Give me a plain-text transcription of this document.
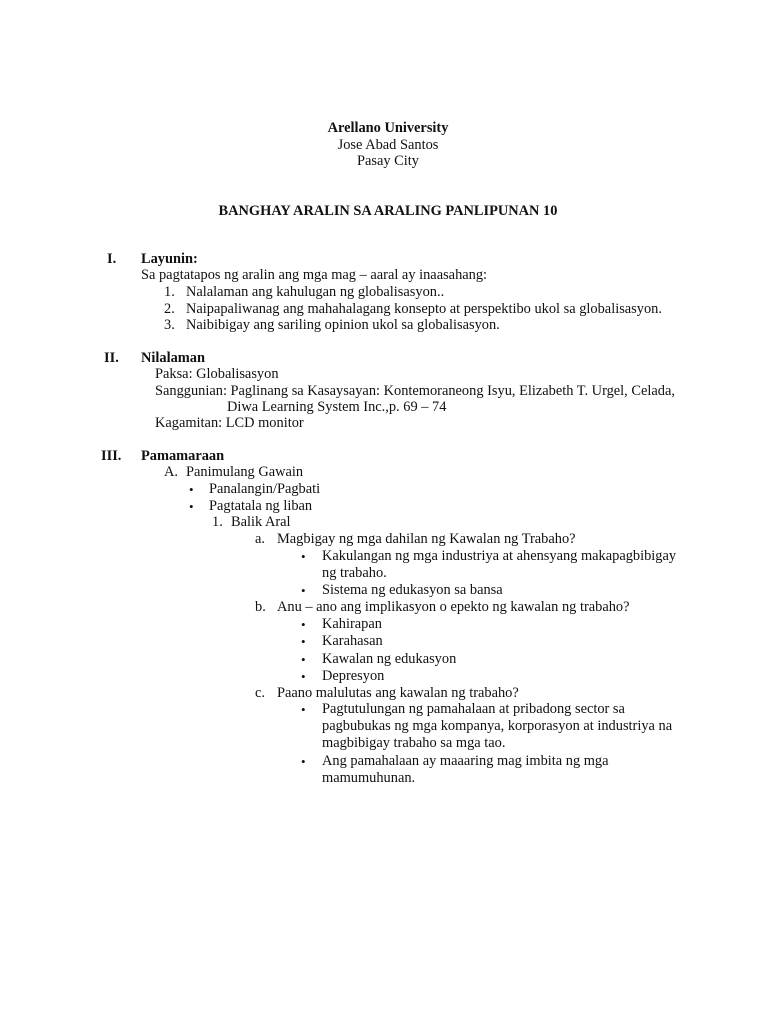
Arellano University
Jose Abad Santos
Pasay City
BANGHAY ARALIN SA ARALING PANLIPUNAN 10
I. Layunin:
Sa pagtatapos ng aralin ang mga mag – aaral ay inaasahang:
1. Nalalaman ang kahulugan ng globalisasyon..
2. Naipapaliwanag ang mahahalagang konsepto at perspektibo ukol sa globalisasyon.
3. Naibibigay ang sariling opinion ukol sa globalisasyon.
II. Nilalaman
Paksa: Globalisasyon
Sanggunian: Paglinang sa Kasaysayan: Kontemoraneong Isyu, Elizabeth T. Urgel, Celada,
Diwa Learning System Inc.,p. 69 – 74
Kagamitan: LCD monitor
III. Pamamaraan
A. Panimulang Gawain
• Panalangin/Pagbati
• Pagtatala ng liban
1. Balik Aral
a. Magbigay ng mga dahilan ng Kawalan ng Trabaho?
• Kakulangan ng mga industriya at ahensyang makapagbibigay
ng trabaho.
• Sistema ng edukasyon sa bansa
b. Anu – ano ang implikasyon o epekto ng kawalan ng trabaho?
• Kahirapan
• Karahasan
• Kawalan ng edukasyon
• Depresyon
c. Paano malulutas ang kawalan ng trabaho?
• Pagtutulungan ng pamahalaan at pribadong sector sa
pagbubukas ng mga kompanya, korporasyon at industriya na
magbibigay trabaho sa mga tao.
• Ang pamahalaan ay maaaring mag imbita ng mga
mamumuhunan.
